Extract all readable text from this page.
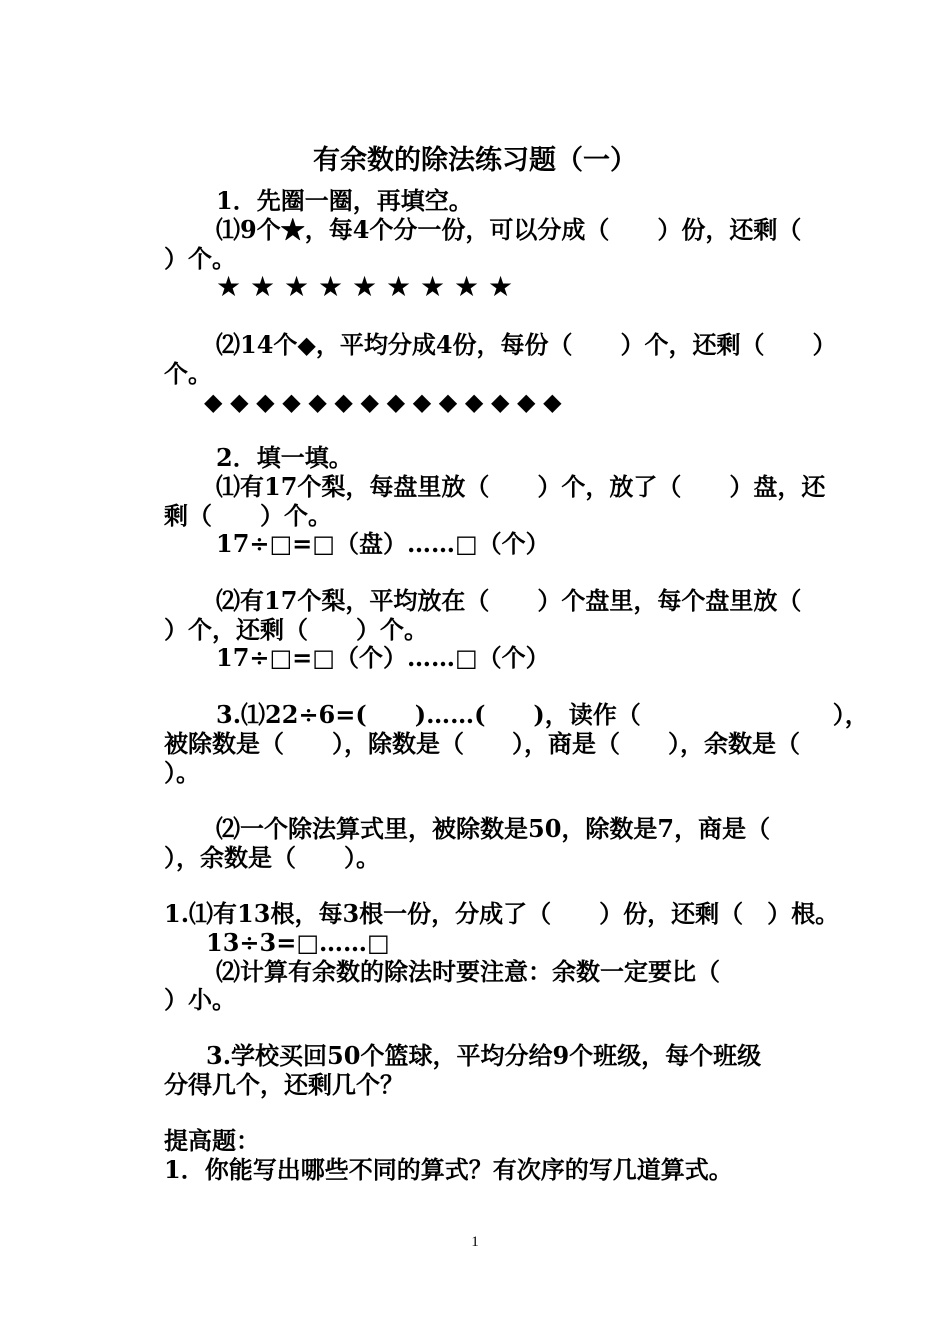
有余数的除法练习题（一）
1．先圈一圈，再填空。
⑴9个★，每4个分一份，可以分成（　　）份，还剩（
）个。
★ ★ ★ ★ ★ ★ ★ ★ ★
⑵14个◆，平均分成4份，每份（　　）个，还剩（　　）
个。
◆ ◆ ◆ ◆ ◆ ◆ ◆ ◆ ◆ ◆ ◆ ◆ ◆ ◆
2．填一填。
⑴有17个梨，每盘里放（　　）个，放了（　　）盘，还
剩（　　）个。
17÷□=□（盘）……□（个）
⑵有17个梨，平均放在（　　）个盘里，每个盘里放（
）个，还剩（　　）个。
17÷□=□（个）……□（个）
3.⑴22÷6=(　　)……(　　)，读作（　　　　　　　　），
被除数是（　　），除数是（　　），商是（　　），余数是（
）。
⑵一个除法算式里，被除数是50，除数是7，商是（
），余数是（　　）。
1.⑴有13根，每3根一份，分成了（　　）份，还剩（　）根。
13÷3=□……□
⑵计算有余数的除法时要注意：余数一定要比（
）小。
3.学校买回50个篮球，平均分给9个班级，每个班级
分得几个，还剩几个？
提高题：
1．你能写出哪些不同的算式？有次序的写几道算式。
1
